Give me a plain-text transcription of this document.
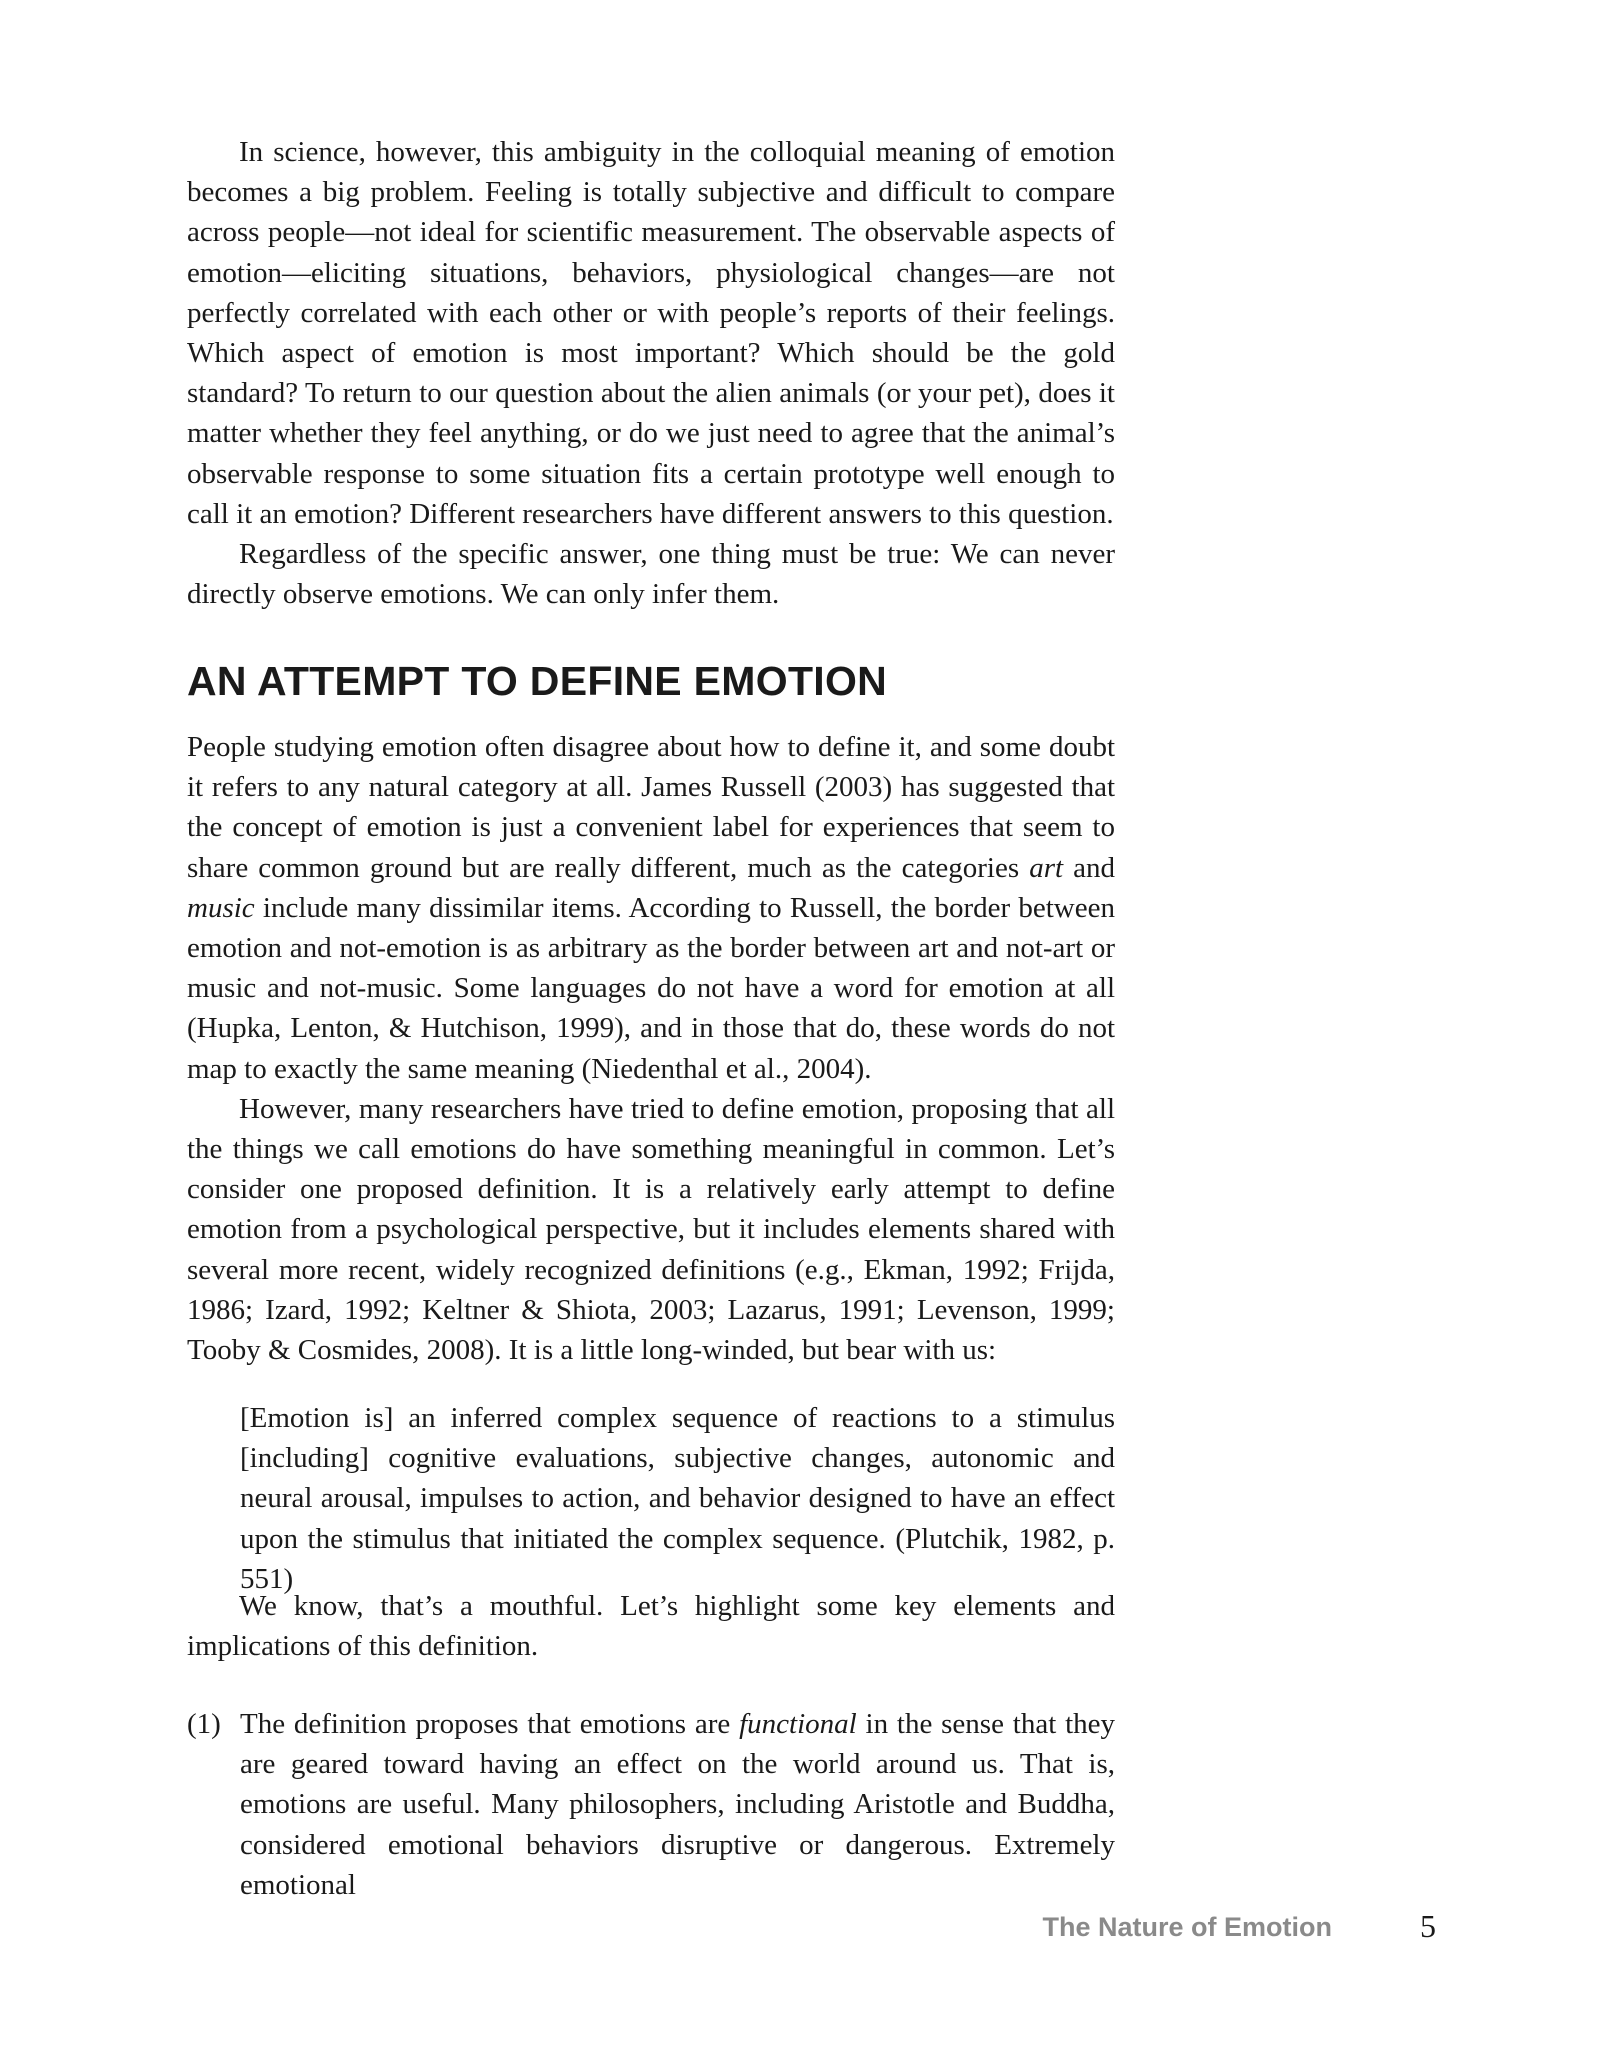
In science, however, this ambiguity in the colloquial meaning of emotion becomes a big problem. Feeling is totally subjective and difficult to compare across people—not ideal for scientific measurement. The observable aspects of emotion—eliciting situations, behaviors, physiological changes—are not perfectly correlated with each other or with people’s reports of their feelings. Which aspect of emotion is most important? Which should be the gold standard? To return to our question about the alien animals (or your pet), does it matter whether they feel anything, or do we just need to agree that the animal’s observable response to some situation fits a certain prototype well enough to call it an emotion? Different researchers have different answers to this question.

Regardless of the specific answer, one thing must be true: We can never directly observe emotions. We can only infer them.

AN ATTEMPT TO DEFINE EMOTION

People studying emotion often disagree about how to define it, and some doubt it refers to any natural category at all. James Russell (2003) has suggested that the concept of emotion is just a convenient label for experiences that seem to share common ground but are really different, much as the categories art and music include many dissimilar items. According to Russell, the border between emotion and not-emotion is as arbitrary as the border between art and not-art or music and not-music. Some languages do not have a word for emotion at all (Hupka, Lenton, & Hutchison, 1999), and in those that do, these words do not map to exactly the same meaning (Niedenthal et al., 2004).

However, many researchers have tried to define emotion, proposing that all the things we call emotions do have something meaningful in common. Let’s consider one proposed definition. It is a relatively early attempt to define emotion from a psychological perspective, but it includes elements shared with several more recent, widely recognized definitions (e.g., Ekman, 1992; Frijda, 1986; Izard, 1992; Keltner & Shiota, 2003; Lazarus, 1991; Levenson, 1999; Tooby & Cosmides, 2008). It is a little long-winded, but bear with us:

[Emotion is] an inferred complex sequence of reactions to a stimulus [including] cognitive evaluations, subjective changes, autonomic and neural arousal, impulses to action, and behavior designed to have an effect upon the stimulus that initiated the complex sequence. (Plutchik, 1982, p. 551)

We know, that’s a mouthful. Let’s highlight some key elements and implications of this definition.

(1) The definition proposes that emotions are functional in the sense that they are geared toward having an effect on the world around us. That is, emotions are useful. Many philosophers, including Aristotle and Buddha, considered emotional behaviors disruptive or dangerous. Extremely emotional
The Nature of Emotion	5
